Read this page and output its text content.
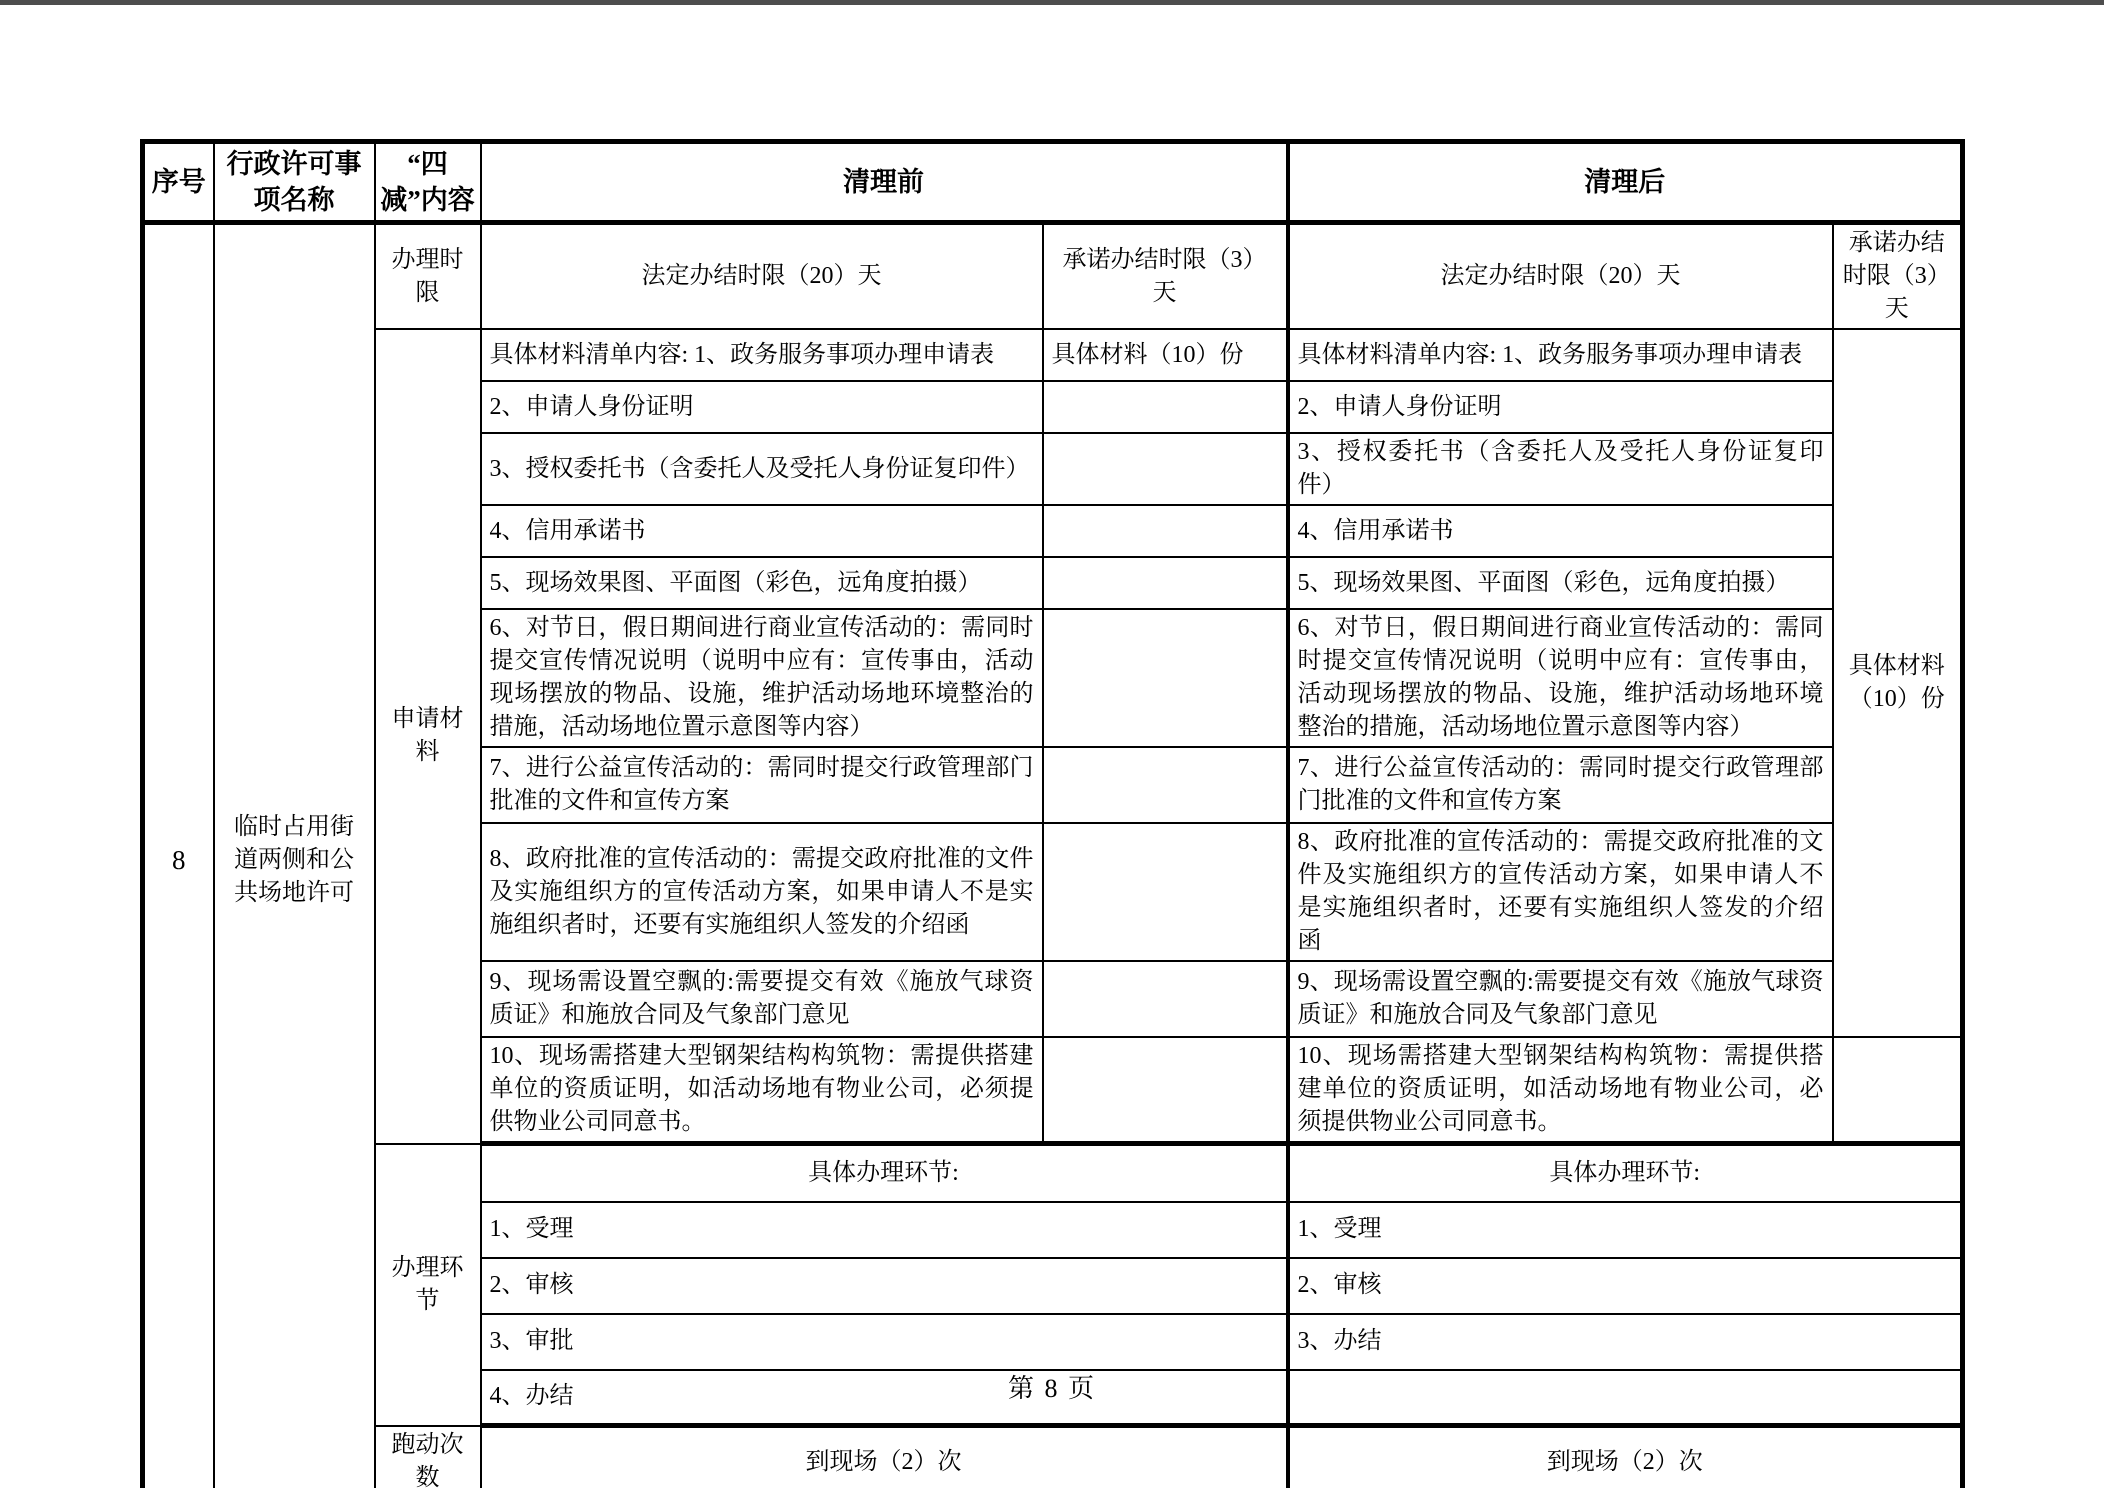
序号	行政许可事项名称	“四减”内容	清理前		清理后	
8	临时占用街道两侧和公共场地许可	办理时限	法定办结时限（20）天	承诺办结时限（3）天	法定办结时限（20）天	承诺办结时限（3）天
		申请材料	具体材料清单内容: 1、政务服务事项办理申请表	具体材料（10）份	具体材料清单内容: 1、政务服务事项办理申请表	具体材料（10）份
			2、申请人身份证明		2、申请人身份证明	
			3、授权委托书（含委托人及受托人身份证复印件）		3、授权委托书（含委托人及受托人身份证复印件）	
			4、信用承诺书		4、信用承诺书	
			5、现场效果图、平面图（彩色，远角度拍摄）		5、现场效果图、平面图（彩色，远角度拍摄）	
			6、对节日，假日期间进行商业宣传活动的：需同时提交宣传情况说明（说明中应有：宣传事由，活动现场摆放的物品、设施，维护活动场地环境整治的措施，活动场地位置示意图等内容）		6、对节日，假日期间进行商业宣传活动的：需同时提交宣传情况说明（说明中应有：宣传事由，活动现场摆放的物品、设施，维护活动场地环境整治的措施，活动场地位置示意图等内容）	
			7、进行公益宣传活动的：需同时提交行政管理部门批准的文件和宣传方案		7、进行公益宣传活动的：需同时提交行政管理部门批准的文件和宣传方案	
			8、政府批准的宣传活动的：需提交政府批准的文件及实施组织方的宣传活动方案，如果申请人不是实施组织者时，还要有实施组织人签发的介绍函		8、政府批准的宣传活动的：需提交政府批准的文件及实施组织方的宣传活动方案，如果申请人不是实施组织者时，还要有实施组织人签发的介绍函	
			9、现场需设置空飘的:需要提交有效《施放气球资质证》和施放合同及气象部门意见		9、现场需设置空飘的:需要提交有效《施放气球资质证》和施放合同及气象部门意见	
			10、现场需搭建大型钢架结构构筑物：需提供搭建单位的资质证明，如活动场地有物业公司，必须提供物业公司同意书。		10、现场需搭建大型钢架结构构筑物：需提供搭建单位的资质证明，如活动场地有物业公司，必须提供物业公司同意书。	
		办理环节	具体办理环节:		具体办理环节:	
			1、受理		1、受理	
			2、审核		2、审核	
			3、审批		3、办结	
			4、办结			
		跑动次数	到现场（2）次		到现场（2）次	
第 8 页
